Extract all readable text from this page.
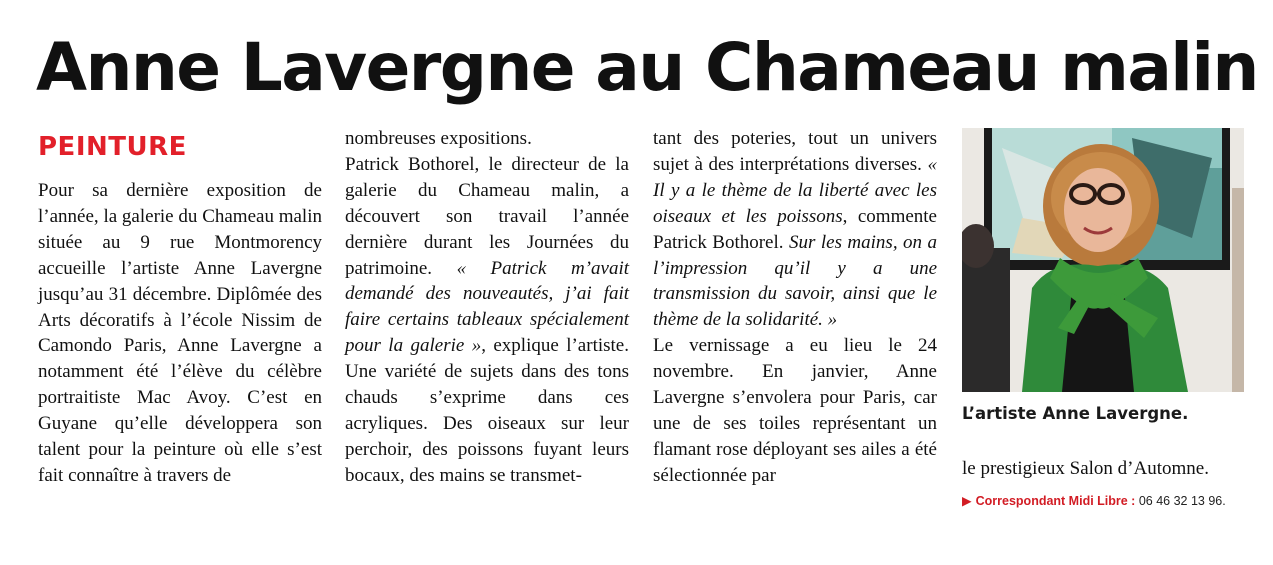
Anne Lavergne au Chameau malin
PEINTURE

Pour sa dernière exposition de l’année, la galerie du Chameau malin située au 9 rue Montmorency accueille l’artiste Anne Lavergne jusqu’au 31 décembre. Diplômée des Arts décoratifs à l’école Nissim de Camondo Paris, Anne Lavergne a notamment été l’élève du célèbre portraitiste Mac Avoy. C’est en Guyane qu’elle développera son talent pour la peinture où elle s’est fait connaître à travers de

nombreuses expositions.

Patrick Bothorel, le directeur de la galerie du Chameau malin, a découvert son travail l’année dernière durant les Journées du patrimoine. « Patrick m’avait demandé des nouveautés, j’ai fait faire certains tableaux spécialement pour la galerie », explique l’artiste. Une variété de sujets dans des tons chauds s’exprime dans ces acryliques. Des oiseaux sur leur perchoir, des poissons fuyant leurs bocaux, des mains se transmet-

tant des poteries, tout un univers sujet à des interprétations diverses. « Il y a le thème de la liberté avec les oiseaux et les poissons, commente Patrick Bothorel. Sur les mains, on a l’impression qu’il y a une transmission du savoir, ainsi que le thème de la solidarité. »

Le vernissage a eu lieu le 24 novembre. En janvier, Anne Lavergne s’envolera pour Paris, car une de ses toiles représentant un flamant rose déployant ses ailes a été sélectionnée par

L’artiste Anne Lavergne.

le prestigieux Salon d’Automne.

▶ Correspondant Midi Libre : 06 46 32 13 96.
